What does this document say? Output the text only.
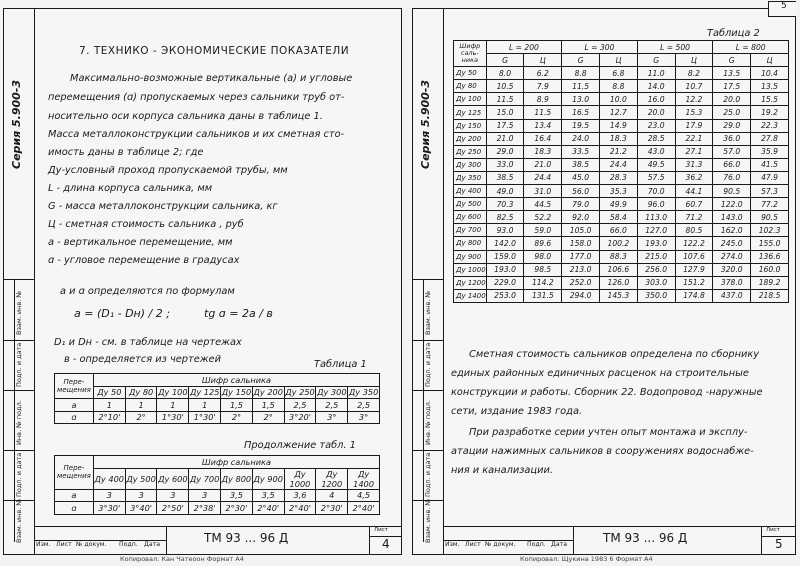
Серия 5.900-3
Взам. инв. №
Подп. и дата
Инв. № подл.
Подп. и дата
Взам. инв. №
7. ТЕХНИКО - ЭКОНОМИЧЕСКИЕ ПОКАЗАТЕЛИ
Максимально-возможные вертикальные (а) и угловые
перемещения (ɑ) пропускаемых через сальники труб от-
носительно оси корпуса сальника даны в таблице 1.
Масса металлоконструкции сальников и их сметная сто-
имость даны в таблице 2; где
Ду-условный проход пропускаемой трубы, мм
L - длина корпуса сальника, мм
G - масса металлоконструкции сальника, кг
Ц - сметная стоимость сальника , руб
а - вертикальное перемещение, мм
ɑ - угловое перемещение в градусах
а и ɑ определяются по формулам
а = (D₁ - Dн) / 2 ;	tg ɑ = 2а / в
D₁ и Dн - см. в таблице на чертежах
в - определяется из чертежей	Таблица 1
Пере-мещения	Шифр сальника								
	Ду 50	Ду 80	Ду 100	Ду 125	Ду 150	Ду 200	Ду 250	Ду 300	Ду 350
а	1	1	1	1	1,5	1,5	2,5	2,5	2,5
ɑ	2°10'	2°	1°30'	1°30'	2°	2°	3°20'	3°	3°
Продолжение табл. 1
Пере-мещения	Шифр сальника								
	Ду 400	Ду 500	Ду 600	Ду 700	Ду 800	Ду 900	Ду 1000	Ду 1200	Ду 1400
а	3	3	3	3	3,5	3,5	3,6	4	4,5
ɑ	3°30'	3°40'	2°50'	2°38'	2°30'	2°40'	2°40'	2°30'	2°40'
Изм. Лист № докум. Подп. Дата	ТМ 93 ... 96 Д
Лист
4
Копировал: Кан Чатеоон Формат А4
5
Серия 5.900-3
Взам. инв. №
Подп. и дата
Инв. № подл.
Подп. и дата
Взам. инв. №
Таблица 2
Шифр саль-ника	L = 200		L = 300		L = 500		L = 800	
	G	Ц	G	Ц	G	Ц	G	Ц
Ду 50	8.0	6.2	8.8	6.8	11.0	8.2	13.5	10.4
Ду 80	10.5	7.9	11.5	8.8	14.0	10.7	17.5	13.5
Ду 100	11.5	8.9	13.0	10.0	16.0	12.2	20.0	15.5
Ду 125	15.0	11.5	16.5	12.7	20.0	15.3	25.0	19.2
Ду 150	17.5	13.4	19.5	14.9	23.0	17.9	29.0	22.3
Ду 200	21.0	16.4	24.0	18.3	28.5	22.1	36.0	27.8
Ду 250	29.0	18.3	33.5	21.2	43.0	27.1	57.0	35.9
Ду 300	33.0	21.0	38.5	24.4	49.5	31.3	66.0	41.5
Ду 350	38.5	24.4	45.0	28.3	57.5	36.2	76.0	47.9
Ду 400	49.0	31.0	56.0	35.3	70.0	44.1	90.5	57.3
Ду 500	70.3	44.5	79.0	49.9	96.0	60.7	122.0	77.2
Ду 600	82.5	52.2	92.0	58.4	113.0	71.2	143.0	90.5
Ду 700	93.0	59.0	105.0	66.0	127.0	80.5	162.0	102.3
Ду 800	142.0	89.6	158.0	100.2	193.0	122.2	245.0	155.0
Ду 900	159.0	98.0	177.0	88.3	215.0	107.6	274.0	136.6
Ду 1000	193.0	98.5	213.0	106.6	256.0	127.9	320.0	160.0
Ду 1200	229.0	114.2	252.0	126.0	303.0	151.2	378.0	189.2
Ду 1400	253.0	131.5	294.0	145.3	350.0	174.8	437.0	218.5
Сметная стоимость сальников определена по сборнику
единых районных единичных расценок на строительные
конструкции и работы. Сборник 22. Водопровод -наружные
сети, издание 1983 года.
При разработке серии учтен опыт монтажа и эксплу-
атации нажимных сальников в сооружениях водоснабже-
ния и канализации.
Изм. Лист № докум. Подп. Дата	ТМ 93 ... 96 Д
Лист
5
Копировал: Щукина 1983 6 Формат А4
